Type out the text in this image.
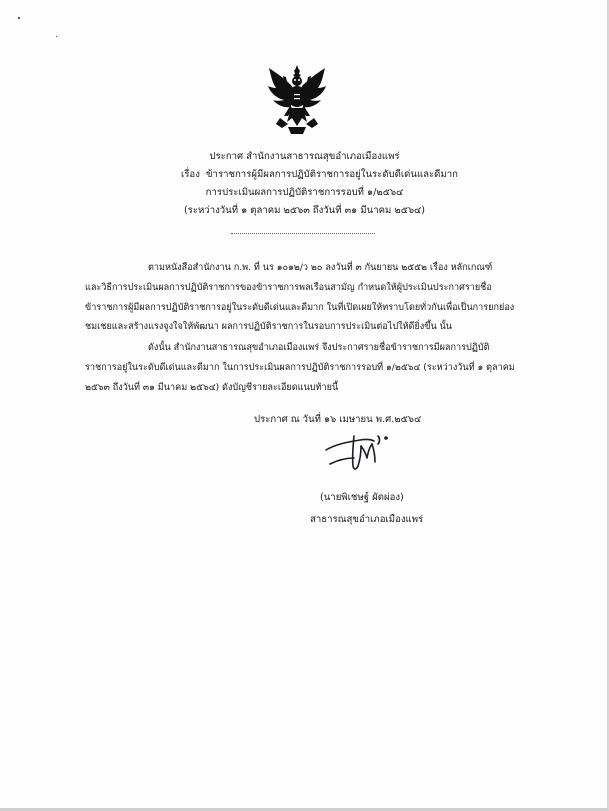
ประกาศ สำนักงานสาธารณสุขอำเภอเมืองแพร่
เรื่อง ข้าราชการผู้มีผลการปฏิบัติราชการอยู่ในระดับดีเด่นและดีมาก
การประเมินผลการปฏิบัติราชการรอบที่ ๑/๒๕๖๔
(ระหว่างวันที่ ๑ ตุลาคม ๒๕๖๓ ถึงวันที่ ๓๑ มีนาคม ๒๕๖๔)
ตามหนังสือสำนักงาน ก.พ. ที่ นร ๑๐๑๒/ว ๒๐ ลงวันที่ ๓ กันยายน ๒๕๕๒ เรื่อง หลักเกณฑ์
และวิธีการประเมินผลการปฏิบัติราชการของข้าราชการพลเรือนสามัญ กำหนดให้ผู้ประเมินประกาศรายชื่อ
ข้าราชการผู้มีผลการปฏิบัติราชการอยู่ในระดับดีเด่นและดีมาก ในที่เปิดเผยให้ทราบโดยทั่วกันเพื่อเป็นการยกย่อง
ชมเชยและสร้างแรงจูงใจให้พัฒนา ผลการปฏิบัติราชการในรอบการประเมินต่อไปให้ดียิ่งขึ้น นั้น
ดังนั้น สำนักงานสาธารณสุขอำเภอเมืองแพร่ จึงประกาศรายชื่อข้าราชการมีผลการปฏิบัติ
ราชการอยู่ในระดับดีเด่นและดีมาก ในการประเมินผลการปฏิบัติราชการรอบที่ ๑/๒๕๖๔ (ระหว่างวันที่ ๑ ตุลาคม
๒๕๖๓ ถึงวันที่ ๓๑ มีนาคม ๒๕๖๔) ดังบัญชีรายละเอียดแนบท้ายนี้
ประกาศ ณ วันที่ ๑๖ เมษายน พ.ศ.๒๕๖๔
(นายพิเชษฐ์ ผัดผ่อง)
สาธารณสุขอำเภอเมืองแพร่
